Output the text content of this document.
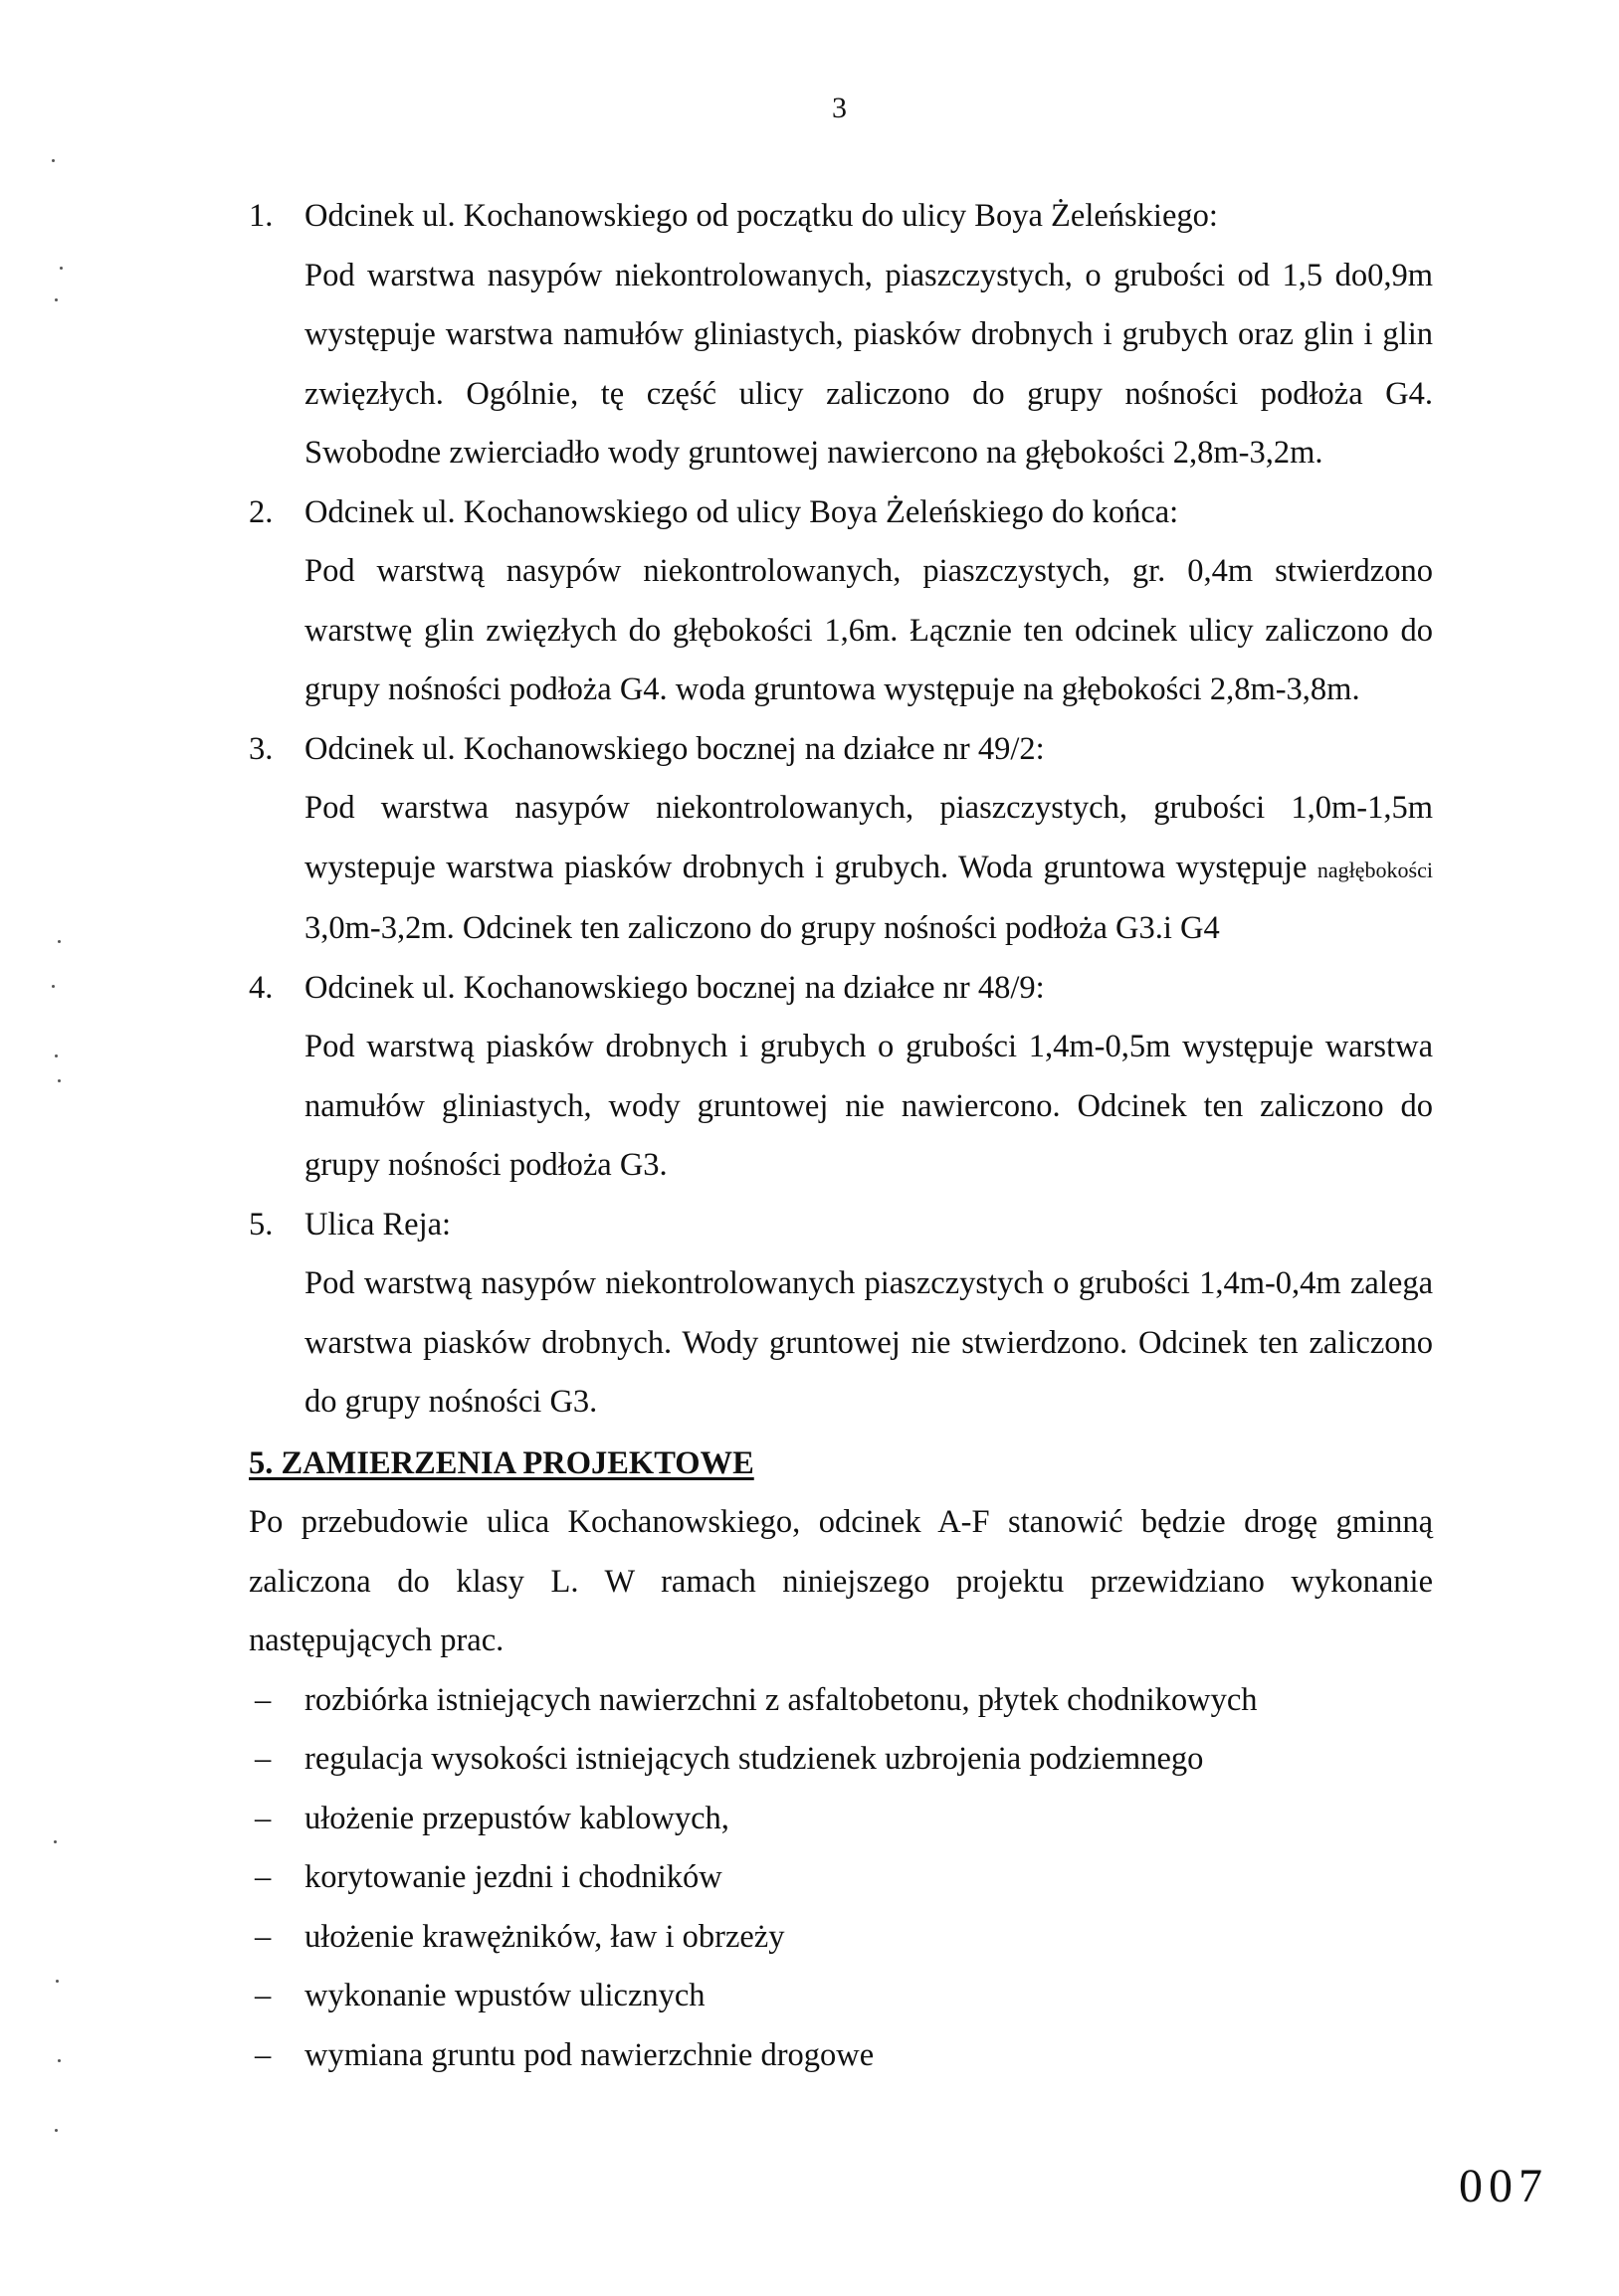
3
1. Odcinek ul. Kochanowskiego od początku do ulicy Boya Żeleńskiego:
Pod warstwa nasypów niekontrolowanych, piaszczystych, o grubości od 1,5 do0,9m występuje warstwa namułów gliniastych, piasków drobnych i grubych oraz glin i glin zwięzłych. Ogólnie, tę część ulicy zaliczono do grupy nośności podłoża G4. Swobodne zwierciadło wody gruntowej nawiercono na głębokości 2,8m-3,2m.
2. Odcinek ul. Kochanowskiego od ulicy Boya Żeleńskiego do końca:
Pod warstwą nasypów niekontrolowanych, piaszczystych, gr. 0,4m stwierdzono warstwę glin zwięzłych do głębokości 1,6m. Łącznie ten odcinek ulicy zaliczono do grupy nośności podłoża G4. woda gruntowa występuje na głębokości 2,8m-3,8m.
3. Odcinek ul. Kochanowskiego bocznej na działce nr 49/2:
Pod warstwa nasypów niekontrolowanych, piaszczystych, grubości 1,0m-1,5m wystepuje warstwa piasków drobnych i grubych. Woda gruntowa występuje nagłębokości 3,0m-3,2m. Odcinek ten zaliczono do grupy nośności podłoża G3.i G4
4. Odcinek ul. Kochanowskiego bocznej na działce nr 48/9:
Pod warstwą piasków drobnych i grubych o grubości 1,4m-0,5m występuje warstwa namułów gliniastych, wody gruntowej nie nawiercono. Odcinek ten zaliczono do grupy nośności podłoża G3.
5. Ulica Reja:
Pod warstwą nasypów niekontrolowanych piaszczystych o grubości 1,4m-0,4m zalega warstwa piasków drobnych. Wody gruntowej nie stwierdzono. Odcinek ten zaliczono do grupy nośności G3.
5. ZAMIERZENIA PROJEKTOWE
Po przebudowie ulica Kochanowskiego, odcinek A-F stanowić będzie drogę gminną zaliczona do klasy L. W ramach niniejszego projektu przewidziano wykonanie następujących prac.
– rozbiórka istniejących nawierzchni z asfaltobetonu, płytek chodnikowych
– regulacja wysokości istniejących studzienek uzbrojenia podziemnego
– ułożenie przepustów kablowych,
– korytowanie jezdni i chodników
– ułożenie krawężników, ław i obrzeży
– wykonanie wpustów ulicznych
– wymiana gruntu pod nawierzchnie drogowe
007
